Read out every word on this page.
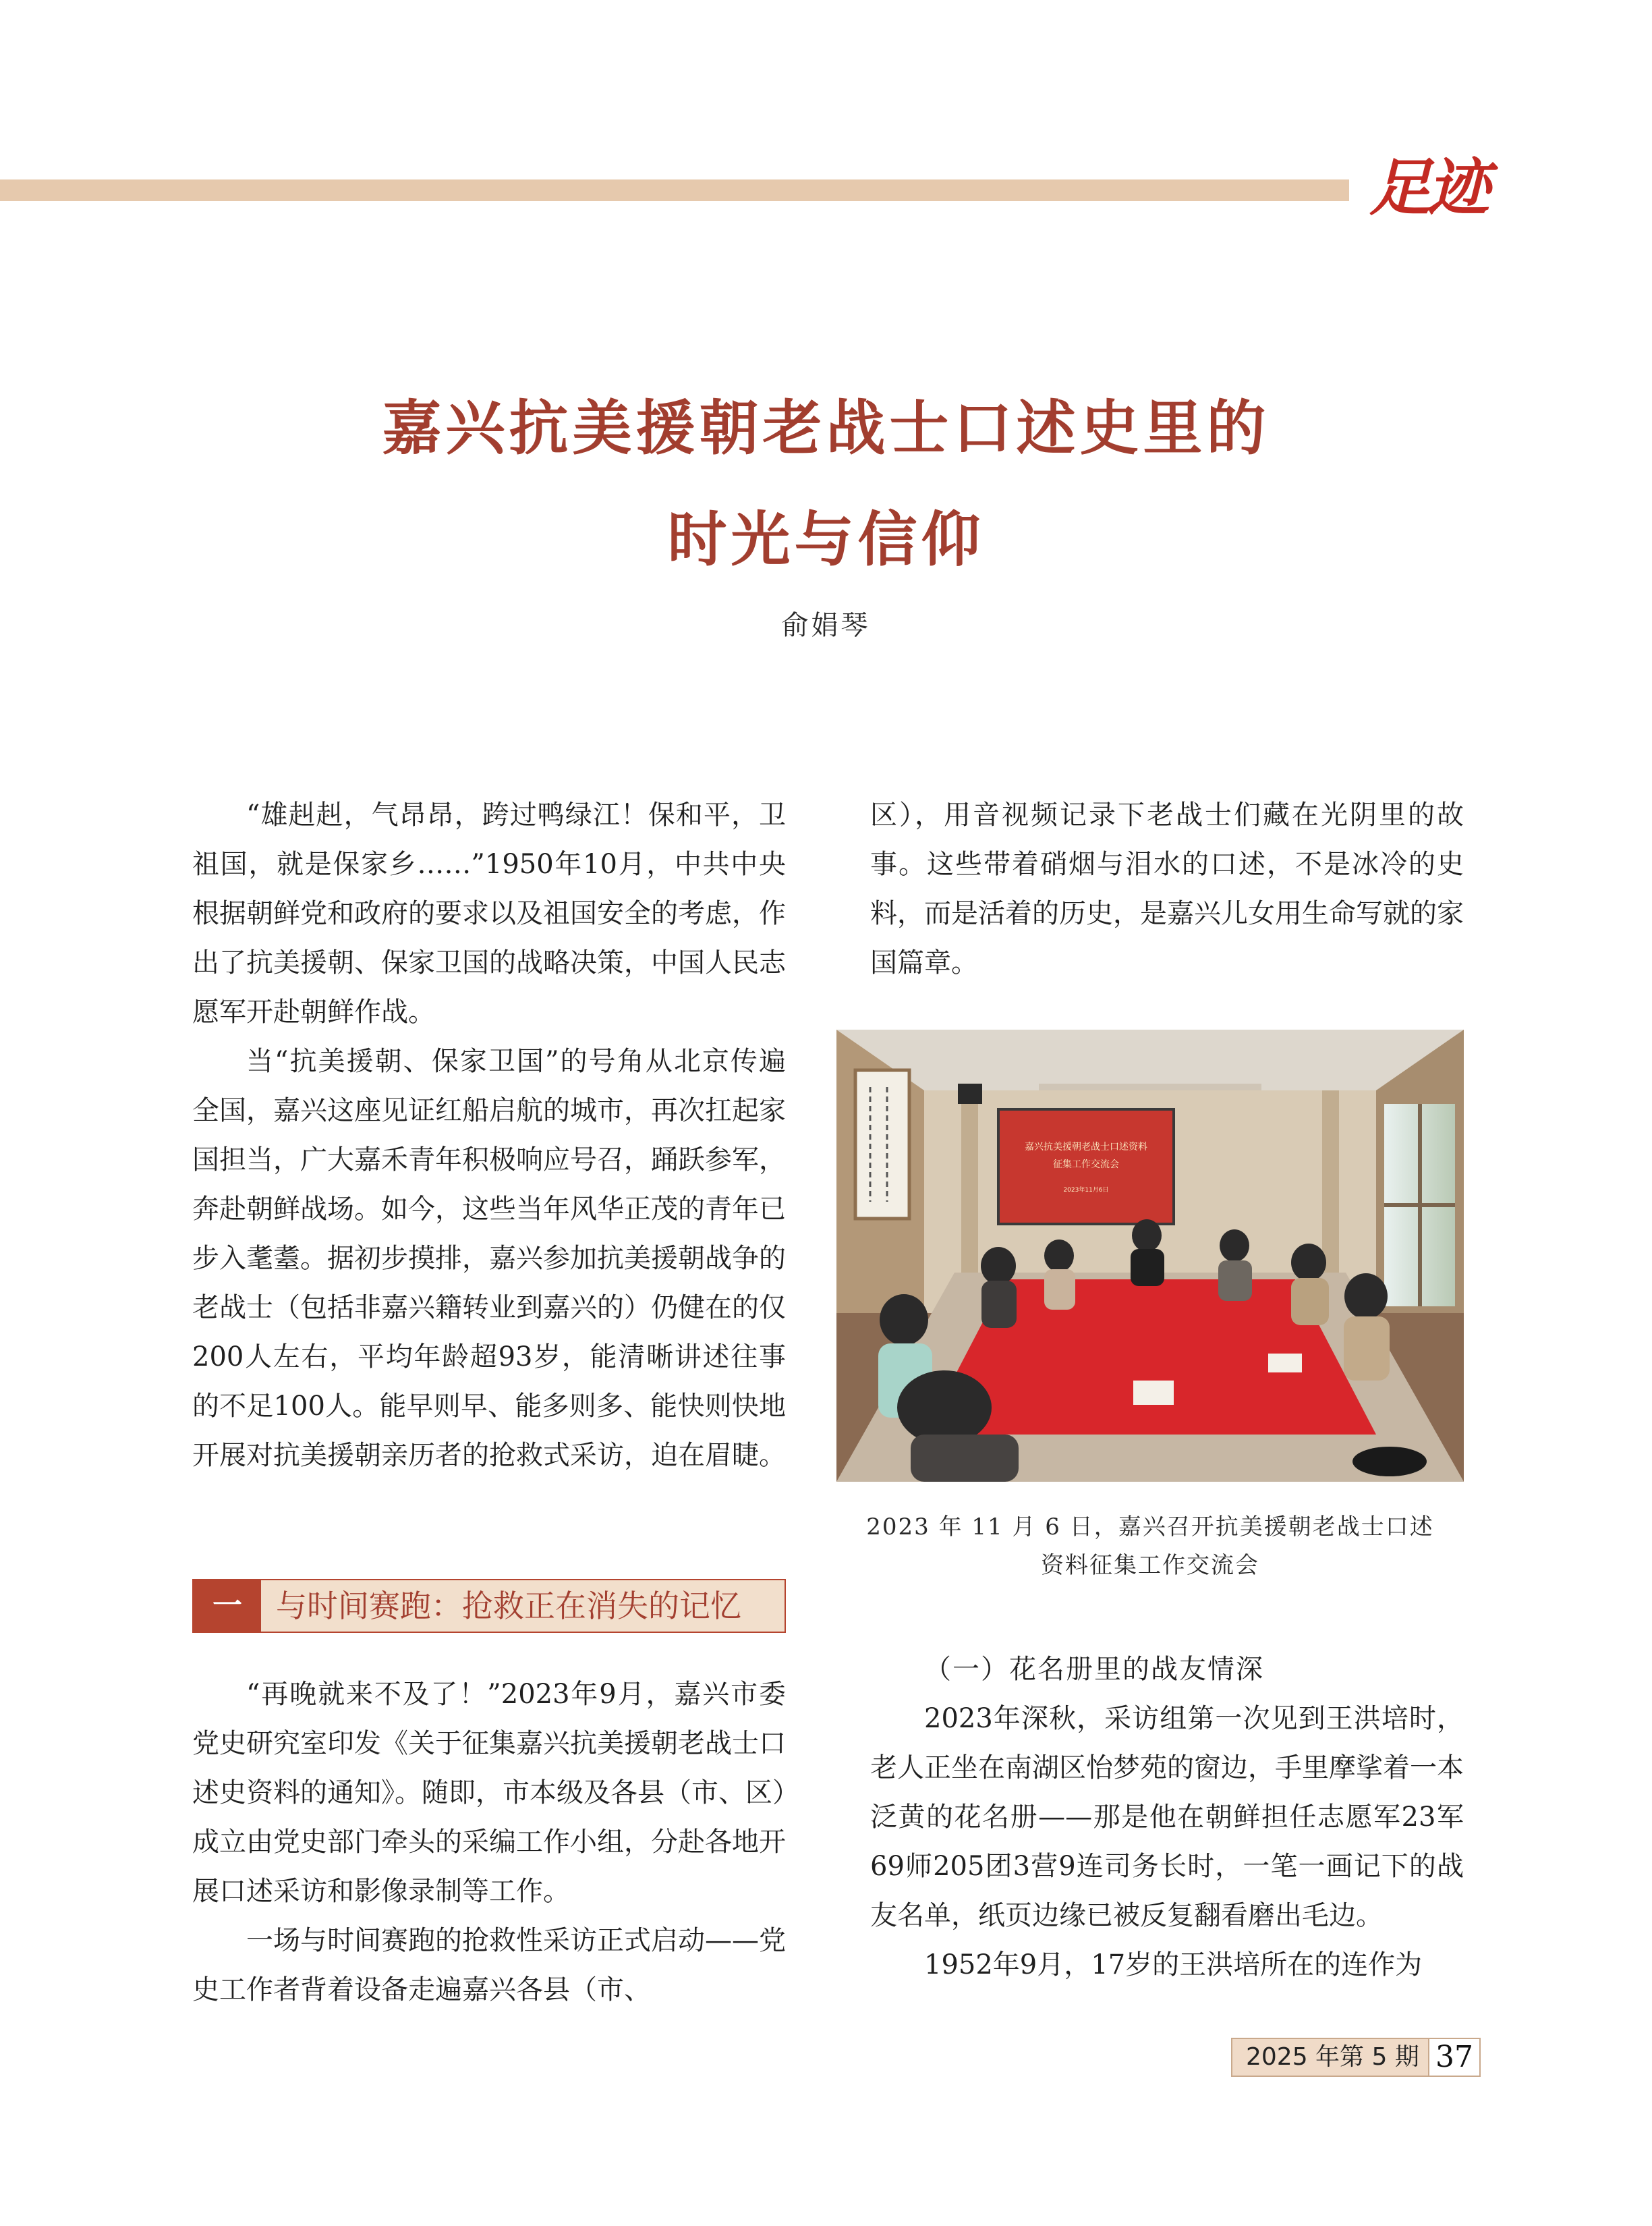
足迹
嘉兴抗美援朝老战士口述史里的
时光与信仰
俞娟琴

“雄赳赳，气昂昂，跨过鸭绿江！保和平，卫祖国，就是保家乡……”1950年10月，中共中央根据朝鲜党和政府的要求以及祖国安全的考虑，作出了抗美援朝、保家卫国的战略决策，中国人民志愿军开赴朝鲜作战。

当“抗美援朝、保家卫国”的号角从北京传遍全国，嘉兴这座见证红船启航的城市，再次扛起家国担当，广大嘉禾青年积极响应号召，踊跃参军，奔赴朝鲜战场。如今，这些当年风华正茂的青年已步入耄耋。据初步摸排，嘉兴参加抗美援朝战争的老战士（包括非嘉兴籍转业到嘉兴的）仍健在的仅200人左右，平均年龄超93岁，能清晰讲述往事的不足100人。能早则早、能多则多、能快则快地开展对抗美援朝亲历者的抢救式采访，迫在眉睫。

区），用音视频记录下老战士们藏在光阴里的故事。这些带着硝烟与泪水的口述，不是冰冷的史料，而是活着的历史，是嘉兴儿女用生命写就的家国篇章。

嘉兴抗美援朝老战士口述资料
征集工作交流会
2023年11月6日
2023 年 11 月 6 日，嘉兴召开抗美援朝老战士口述
资料征集工作交流会
一	与时间赛跑：抢救正在消失的记忆

“再晚就来不及了！”2023年9月，嘉兴市委党史研究室印发《关于征集嘉兴抗美援朝老战士口述史资料的通知》。随即，市本级及各县（市、区）成立由党史部门牵头的采编工作小组，分赴各地开展口述采访和影像录制等工作。

一场与时间赛跑的抢救性采访正式启动——党史工作者背着设备走遍嘉兴各县（市、

（一）花名册里的战友情深

2023年深秋，采访组第一次见到王洪培时，老人正坐在南湖区怡梦苑的窗边，手里摩挲着一本泛黄的花名册——那是他在朝鲜担任志愿军23军69师205团3营9连司务长时，一笔一画记下的战友名单，纸页边缘已被反复翻看磨出毛边。

1952年9月，17岁的王洪培所在的连作为

2025 年第 5 期 37
